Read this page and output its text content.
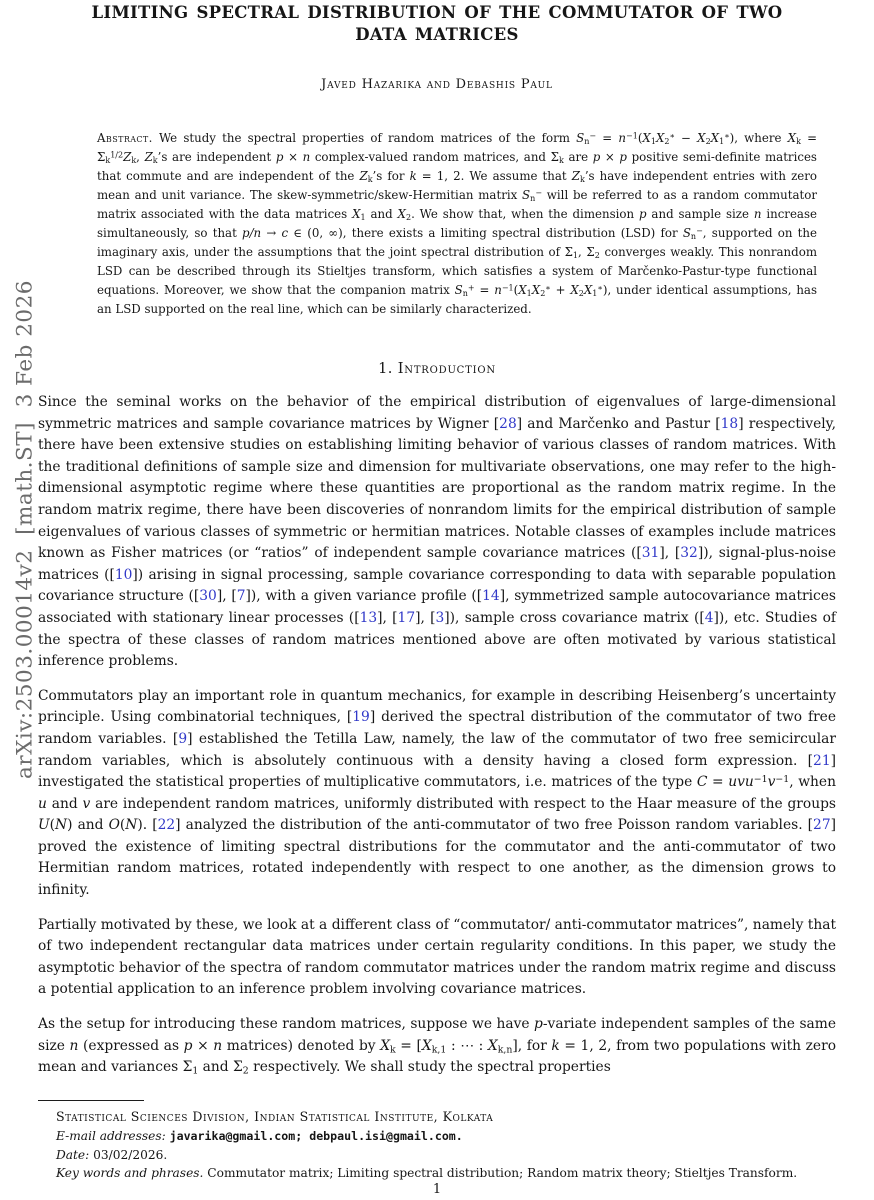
arXiv:2503.00014v2  [math.ST]  3 Feb 2026
LIMITING SPECTRAL DISTRIBUTION OF THE COMMUTATOR OF TWO DATA MATRICES
Javed Hazarika and Debashis Paul
Abstract. We study the spectral properties of random matrices of the form $S_n^- = n^{-1}(X_1X_2^∗ - X_2X_1^∗)$, where $X_k = \Sigma_k^{1/2}Z_k$, $Z_k’s$ are independent p × n complex-valued random matrices, and $\Sigma_k$ are p × p positive semi-definite matrices that commute and are independent of the $Z_k’s$ for k = 1, 2. We assume that $Z_k’s$ have independent entries with zero mean and unit variance. The skew-symmetric/skew-Hermitian matrix $S_n^-$ will be referred to as a random commutator matrix associated with the data matrices $X_1$ and $X_2$. We show that, when the dimension p and sample size n increase simultaneously, so that p/n → c ∈ (0, ∞), there exists a limiting spectral distribution (LSD) for $S_n^-$, supported on the imaginary axis, under the assumptions that the joint spectral distribution of $\Sigma_1$, $\Sigma_2$ converges weakly. This nonrandom LSD can be described through its Stieltjes transform, which satisfies a system of Marčenko-Pastur-type functional equations. Moreover, we show that the companion matrix $S_n^+ = n^{-1}(X_1X_2^∗ + X_2X_1^∗)$, under identical assumptions, has an LSD supported on the real line, which can be similarly characterized.
1. Introduction

Since the seminal works on the behavior of the empirical distribution of eigenvalues of large-dimensional symmetric matrices and sample covariance matrices by Wigner [28] and Marčenko and Pastur [18] respectively, there have been extensive studies on establishing limiting behavior of various classes of random matrices. With the traditional definitions of sample size and dimension for multivariate observations, one may refer to the high-dimensional asymptotic regime where these quantities are proportional as the random matrix regime. In the random matrix regime, there have been discoveries of nonrandom limits for the empirical distribution of sample eigenvalues of various classes of symmetric or hermitian matrices. Notable classes of examples include matrices known as Fisher matrices (or “ratios” of independent sample covariance matrices ([31], [32]), signal-plus-noise matrices ([10]) arising in signal processing, sample covariance corresponding to data with separable population covariance structure ([30], [7]), with a given variance profile ([14], symmetrized sample autocovariance matrices associated with stationary linear processes ([13], [17], [3]), sample cross covariance matrix ([4]), etc. Studies of the spectra of these classes of random matrices mentioned above are often motivated by various statistical inference problems.

Commutators play an important role in quantum mechanics, for example in describing Heisenberg’s uncertainty principle. Using combinatorial techniques, [19] derived the spectral distribution of the commutator of two free random variables. [9] established the Tetilla Law, namely, the law of the commutator of two free semicircular random variables, which is absolutely continuous with a density having a closed form expression. [21] investigated the statistical properties of multiplicative commutators, i.e. matrices of the type $C = uvu^{-1}v^{-1}$, when u and v are independent random matrices, uniformly distributed with respect to the Haar measure of the groups U(N) and O(N). [22] analyzed the distribution of the anti-commutator of two free Poisson random variables. [27] proved the existence of limiting spectral distributions for the commutator and the anti-commutator of two Hermitian random matrices, rotated independently with respect to one another, as the dimension grows to infinity.

Partially motivated by these, we look at a different class of “commutator/ anti-commutator matrices”, namely that of two independent rectangular data matrices under certain regularity conditions. In this paper, we study the asymptotic behavior of the spectra of random commutator matrices under the random matrix regime and discuss a potential application to an inference problem involving covariance matrices.

As the setup for introducing these random matrices, suppose we have p-variate independent samples of the same size n (expressed as p × n matrices) denoted by $X_k = [X_{k,1}$ : ⋯ : $X_{k,n}$], for k = 1, 2, from two populations with zero mean and variances $\Sigma_1$ and $\Sigma_2$ respectively. We shall study the spectral properties

Statistical Sciences Division, Indian Statistical Institute, Kolkata
E-mail addresses: javarika@gmail.com; debpaul.isi@gmail.com.
Date: 03/02/2026.
Key words and phrases. Commutator matrix; Limiting spectral distribution; Random matrix theory; Stieltjes Transform.
1
